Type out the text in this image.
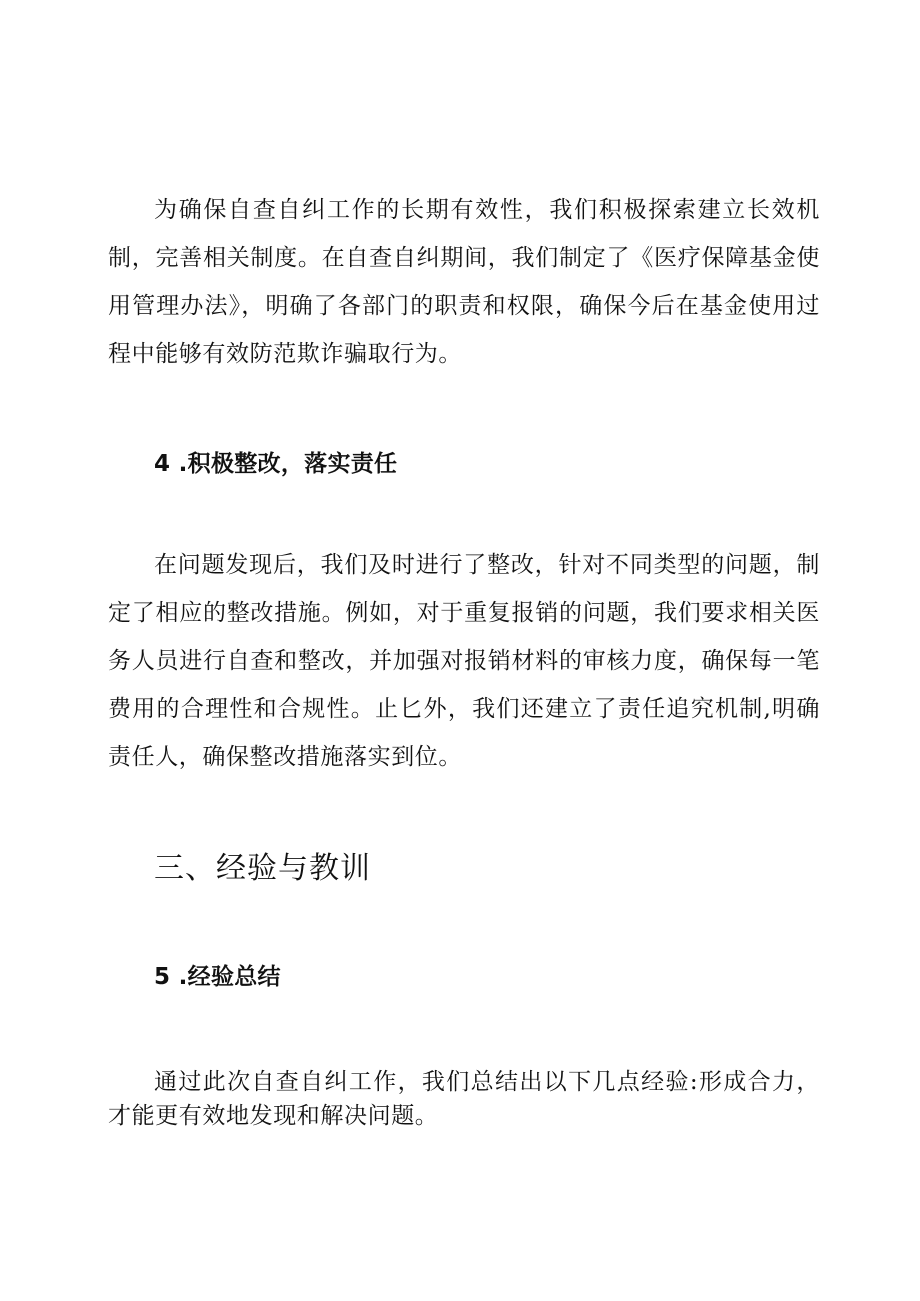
为确保自查自纠工作的长期有效性，我们积极探索建立长效机制，完善相关制度。在自查自纠期间，我们制定了《医疗保障基金使用管理办法》，明确了各部门的职责和权限，确保今后在基金使用过程中能够有效防范欺诈骗取行为。

4 .积极整改，落实责任

在问题发现后，我们及时进行了整改，针对不同类型的问题，制定了相应的整改措施。例如，对于重复报销的问题，我们要求相关医务人员进行自查和整改，并加强对报销材料的审核力度，确保每一笔费用的合理性和合规性。止匕外，我们还建立了责任追究机制,明确责任人，确保整改措施落实到位。

三、经验与教训
5 .经验总结

通过此次自查自纠工作，我们总结出以下几点经验:形成合力，才能更有效地发现和解决问题。
